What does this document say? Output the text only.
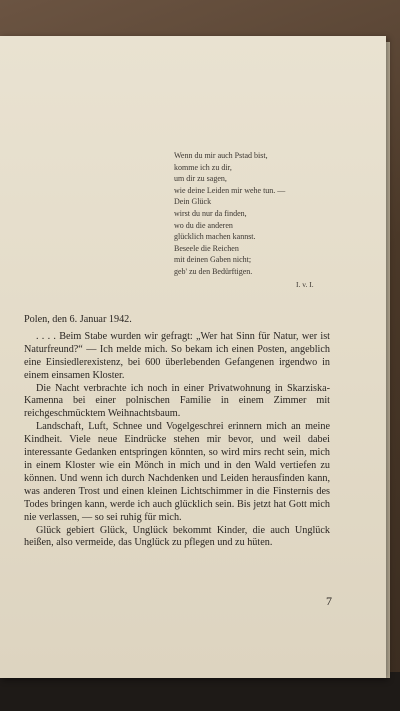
Wenn du mir auch Pstad bist,
komme ich zu dir,
um dir zu sagen,
wie deine Leiden mir wehe tun. —
Dein Glück
wirst du nur da finden,
wo du die anderen
glücklich machen kannst.
Beseele die Reichen
mit deinen Gaben nicht;
geb' zu den Bedürftigen.
I. v. I.
Polen, den 6. Januar 1942.

. . . . Beim Stabe wurden wir gefragt: „Wer hat Sinn für Natur, wer ist Naturfreund?“ — Ich melde mich. So bekam ich einen Posten, angeblich eine Einsiedlerexistenz, bei 600 überlebenden Gefangenen irgendwo in einem einsamen Kloster.

Die Nacht verbrachte ich noch in einer Privatwohnung in Skarziska-Kamenna bei einer polnischen Familie in einem Zimmer mit reichgeschmücktem Weihnachtsbaum.

Landschaft, Luft, Schnee und Vogelgeschrei erinnern mich an meine Kindheit. Viele neue Eindrücke stehen mir bevor, und weil dabei interessante Gedanken entspringen könnten, so wird mirs recht sein, mich in einem Kloster wie ein Mönch in mich und in den Wald vertiefen zu können. Und wenn ich durch Nachdenken und Leiden herausfinden kann, was anderen Trost und einen kleinen Lichtschimmer in die Finsternis des Todes bringen kann, werde ich auch glücklich sein. Bis jetzt hat Gott mich nie verlassen, — so sei ruhig für mich.

Glück gebiert Glück, Unglück bekommt Kinder, die auch Unglück heißen, also vermeide, das Unglück zu pflegen und zu hüten.

7
